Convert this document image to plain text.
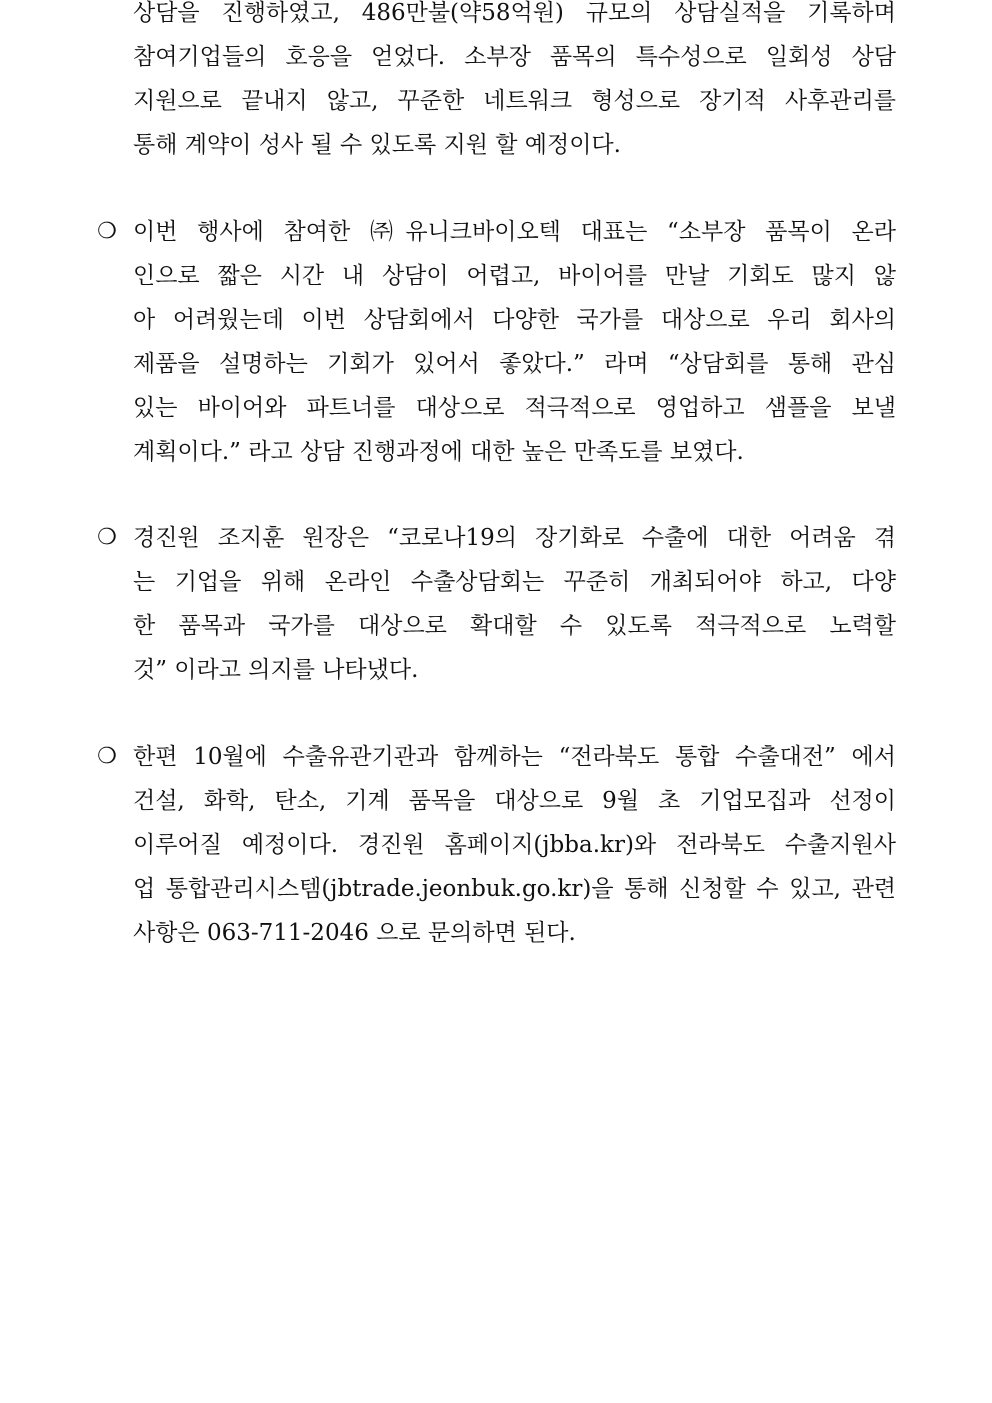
상담을 진행하였고, 486만불(약58억원) 규모의 상담실적을 기록하며
참여기업들의 호응을 얻었다. 소부장 품목의 특수성으로 일회성 상담
지원으로 끝내지 않고, 꾸준한 네트워크 형성으로 장기적 사후관리를
통해 계약이 성사 될 수 있도록 지원 할 예정이다.
❍ 이번 행사에 참여한 ㈜유니크바이오텍 대표는 “소부장 품목이 온라
인으로 짧은 시간 내 상담이 어렵고, 바이어를 만날 기회도 많지 않
아 어려웠는데 이번 상담회에서 다양한 국가를 대상으로 우리 회사의
제품을 설명하는 기회가 있어서 좋았다.” 라며 “상담회를 통해 관심
있는 바이어와 파트너를 대상으로 적극적으로 영업하고 샘플을 보낼
계획이다.” 라고 상담 진행과정에 대한 높은 만족도를 보였다.
❍ 경진원 조지훈 원장은 “코로나19의 장기화로 수출에 대한 어려움 겪
는 기업을 위해 온라인 수출상담회는 꾸준히 개최되어야 하고, 다양
한 품목과 국가를 대상으로 확대할 수 있도록 적극적으로 노력할
것” 이라고 의지를 나타냈다.
❍ 한편 10월에 수출유관기관과 함께하는 “전라북도 통합 수출대전” 에서
건설, 화학, 탄소, 기계 품목을 대상으로 9월 초 기업모집과 선정이
이루어질 예정이다. 경진원 홈페이지(jbba.kr)와 전라북도 수출지원사
업 통합관리시스템(jbtrade.jeonbuk.go.kr)을 통해 신청할 수 있고, 관련
사항은 063-711-2046 으로 문의하면 된다.
